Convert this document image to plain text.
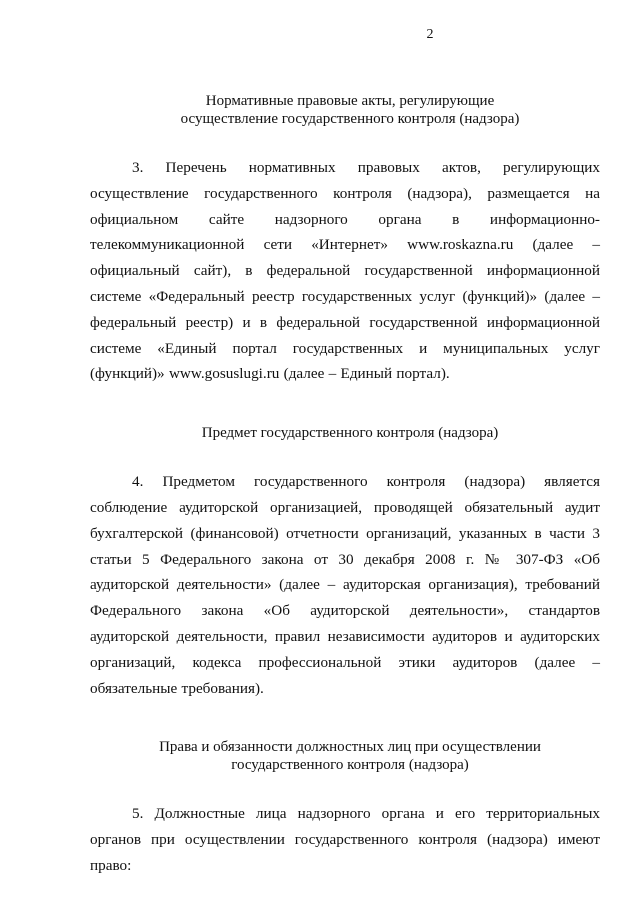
2
Нормативные правовые акты, регулирующие
осуществление государственного контроля (надзора)

3. Перечень нормативных правовых актов, регулирующих осуществление государственного контроля (надзора), размещается на официальном сайте надзорного органа в информационно-телекоммуникационной сети «Интернет» www.roskazna.ru (далее – официальный сайт), в федеральной государственной информационной системе «Федеральный реестр государственных услуг (функций)» (далее – федеральный реестр) и в федеральной государственной информационной системе «Единый портал государственных и муниципальных услуг (функций)» www.gosuslugi.ru (далее – Единый портал).

Предмет государственного контроля (надзора)

4. Предметом государственного контроля (надзора) является соблюдение аудиторской организацией, проводящей обязательный аудит бухгалтерской (финансовой) отчетности организаций, указанных в части 3 статьи 5 Федерального закона от 30 декабря 2008 г. № 307-ФЗ «Об аудиторской деятельности» (далее – аудиторская организация), требований Федерального закона «Об аудиторской деятельности», стандартов аудиторской деятельности, правил независимости аудиторов и аудиторских организаций, кодекса профессиональной этики аудиторов (далее – обязательные требования).

Права и обязанности должностных лиц при осуществлении
государственного контроля (надзора)

5. Должностные лица надзорного органа и его территориальных органов при осуществлении государственного контроля (надзора) имеют право:
